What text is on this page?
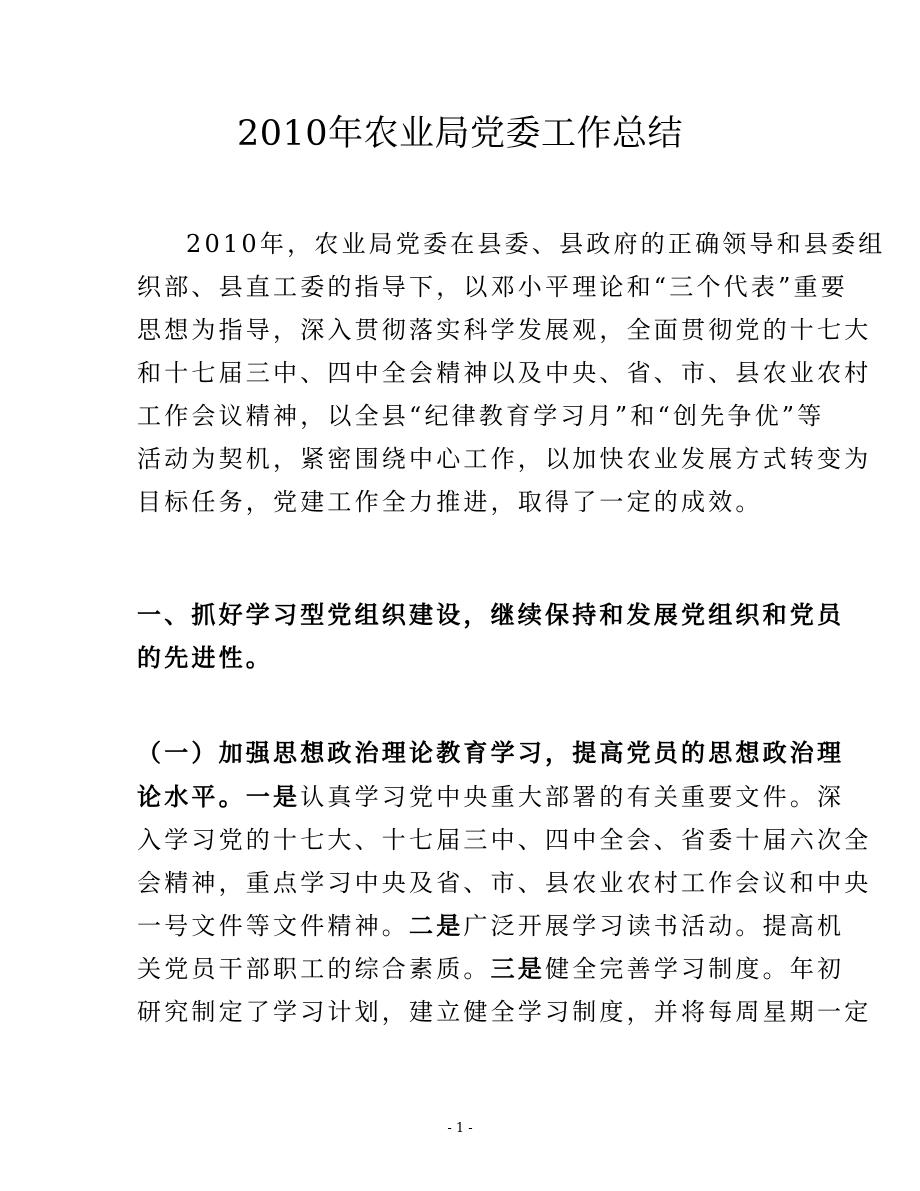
2010年农业局党委工作总结
2010年，农业局党委在县委、县政府的正确领导和县委组
织部、县直工委的指导下，以邓小平理论和“三个代表”重要
思想为指导，深入贯彻落实科学发展观，全面贯彻党的十七大
和十七届三中、四中全会精神以及中央、省、市、县农业农村
工作会议精神，以全县“纪律教育学习月”和“创先争优”等
活动为契机，紧密围绕中心工作，以加快农业发展方式转变为
目标任务，党建工作全力推进，取得了一定的成效。
一、抓好学习型党组织建设，继续保持和发展党组织和党员
的先进性。
（一）加强思想政治理论教育学习，提高党员的思想政治理
论水平。一是认真学习党中央重大部署的有关重要文件。深
入学习党的十七大、十七届三中、四中全会、省委十届六次全
会精神，重点学习中央及省、市、县农业农村工作会议和中央
一号文件等文件精神。二是广泛开展学习读书活动。提高机
关党员干部职工的综合素质。三是健全完善学习制度。年初
研究制定了学习计划，建立健全学习制度，并将每周星期一定
- 1 -
